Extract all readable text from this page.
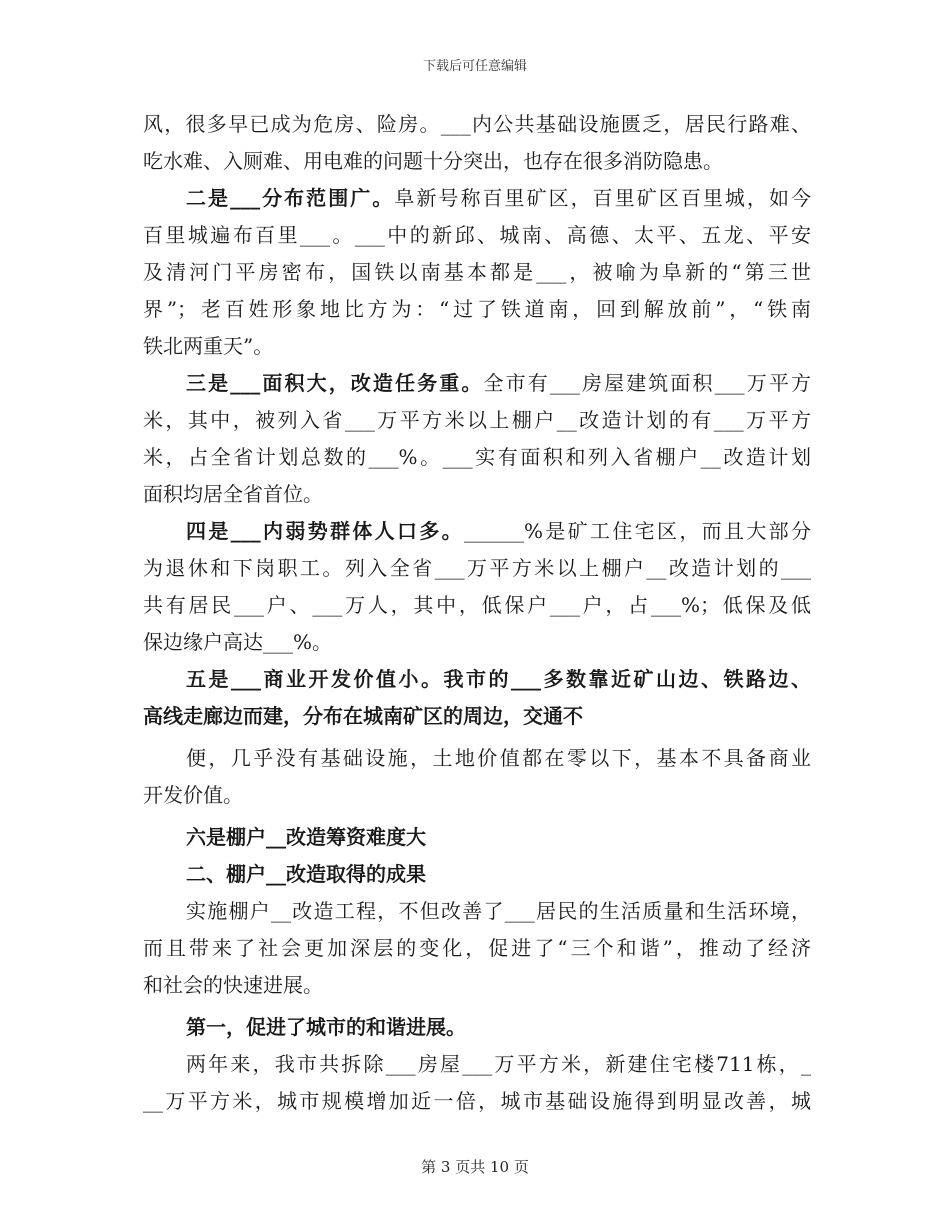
下载后可任意编辑
风，很多早已成为危房、险房。___内公共基础设施匮乏，居民行路难、
吃水难、入厕难、用电难的问题十分突出，也存在很多消防隐患。
二是___分布范围广。阜新号称百里矿区，百里矿区百里城，如今
百里城遍布百里___。___中的新邱、城南、高德、太平、五龙、平安
及清河门平房密布，国铁以南基本都是___，被喻为阜新的“第三世
界”；老百姓形象地比方为：“过了铁道南，回到解放前”，“铁南
铁北两重天”。
三是___面积大，改造任务重。全市有___房屋建筑面积___万平方
米，其中，被列入省___万平方米以上棚户__改造计划的有___万平方
米，占全省计划总数的___%。___实有面积和列入省棚户__改造计划
面积均居全省首位。
四是___内弱势群体人口多。______%是矿工住宅区，而且大部分
为退休和下岗职工。列入全省___万平方米以上棚户__改造计划的___
共有居民___户、___万人，其中，低保户___户，占___%；低保及低
保边缘户高达___%。
五是___商业开发价值小。我市的___多数靠近矿山边、铁路边、
高线走廊边而建，分布在城南矿区的周边，交通不
便，几乎没有基础设施，土地价值都在零以下，基本不具备商业
开发价值。
六是棚户__改造筹资难度大
二、棚户__改造取得的成果
实施棚户__改造工程，不但改善了___居民的生活质量和生活环境，
而且带来了社会更加深层的变化，促进了“三个和谐”，推动了经济
和社会的快速进展。
第一，促进了城市的和谐进展。
两年来，我市共拆除___房屋___万平方米，新建住宅楼711栋，_
__万平方米，城市规模增加近一倍，城市基础设施得到明显改善，城
第 3 页共 10 页
